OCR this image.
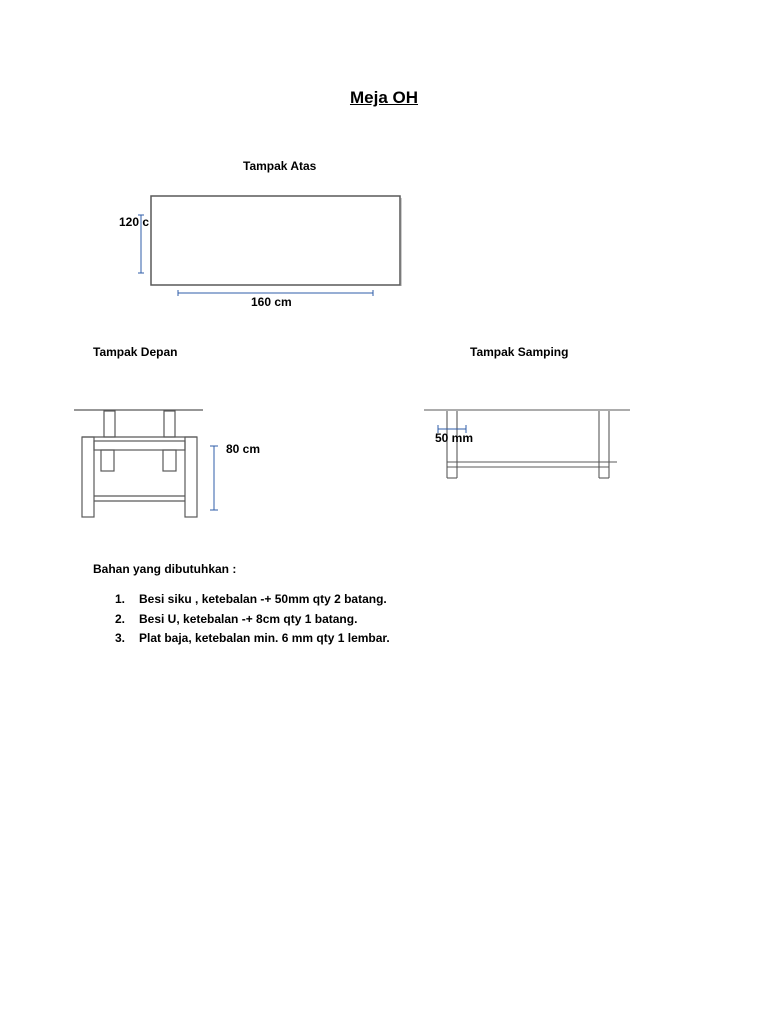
Meja OH
Tampak Atas
120 c
160 cm
Tampak Depan
80 cm
Tampak Samping
50 mm
Bahan yang dibutuhkan :
1. Besi siku , ketebalan -+ 50mm qty 2 batang.
2. Besi U, ketebalan -+ 8cm qty 1 batang.
3. Plat baja, ketebalan min. 6 mm qty 1 lembar.
